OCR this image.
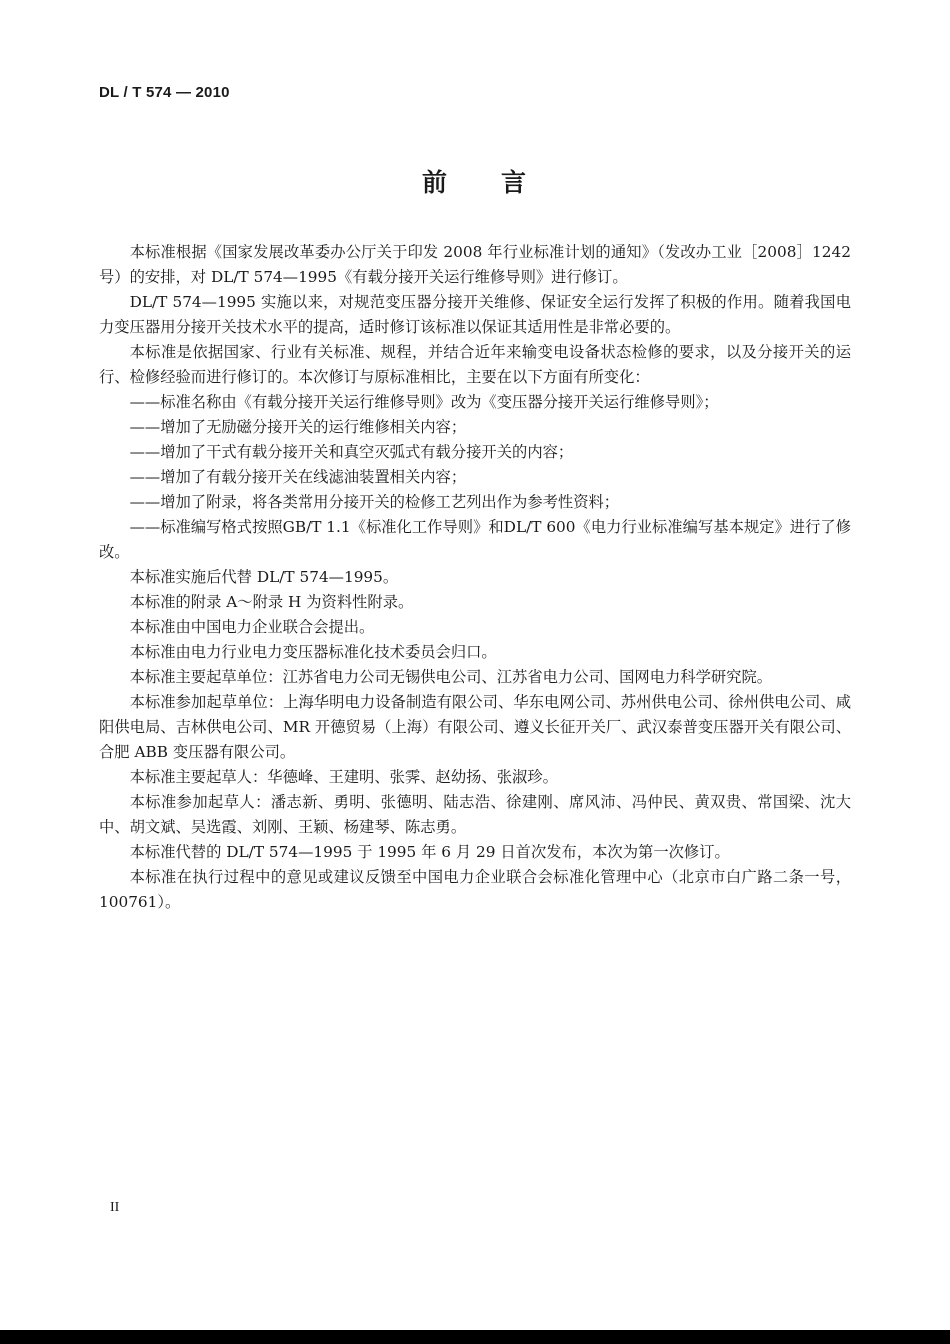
DL / T 574 — 2010
前 言

本标准根据《国家发展改革委办公厅关于印发 2008 年行业标准计划的通知》（发改办工业［2008］1242 号）的安排，对 DL/T 574—1995《有载分接开关运行维修导则》进行修订。

DL/T 574—1995 实施以来，对规范变压器分接开关维修、保证安全运行发挥了积极的作用。随着我国电力变压器用分接开关技术水平的提高，适时修订该标准以保证其适用性是非常必要的。

本标准是依据国家、行业有关标准、规程，并结合近年来输变电设备状态检修的要求，以及分接开关的运行、检修经验而进行修订的。本次修订与原标准相比，主要在以下方面有所变化：

——标准名称由《有载分接开关运行维修导则》改为《变压器分接开关运行维修导则》；

——增加了无励磁分接开关的运行维修相关内容；

——增加了干式有载分接开关和真空灭弧式有载分接开关的内容；

——增加了有载分接开关在线滤油装置相关内容；

——增加了附录，将各类常用分接开关的检修工艺列出作为参考性资料；

——标准编写格式按照GB/T 1.1《标准化工作导则》和DL/T 600《电力行业标准编写基本规定》进行了修改。

本标准实施后代替 DL/T 574—1995。

本标准的附录 A～附录 H 为资料性附录。

本标准由中国电力企业联合会提出。

本标准由电力行业电力变压器标准化技术委员会归口。

本标准主要起草单位：江苏省电力公司无锡供电公司、江苏省电力公司、国网电力科学研究院。

本标准参加起草单位：上海华明电力设备制造有限公司、华东电网公司、苏州供电公司、徐州供电公司、咸阳供电局、吉林供电公司、MR 开德贸易（上海）有限公司、遵义长征开关厂、武汉泰普变压器开关有限公司、合肥 ABB 变压器有限公司。

本标准主要起草人：华德峰、王建明、张霁、赵幼扬、张淑珍。

本标准参加起草人：潘志新、勇明、张德明、陆志浩、徐建刚、席风沛、冯仲民、黄双贵、常国梁、沈大中、胡文斌、吴选霞、刘刚、王颖、杨建琴、陈志勇。

本标准代替的 DL/T 574—1995 于 1995 年 6 月 29 日首次发布，本次为第一次修订。

本标准在执行过程中的意见或建议反馈至中国电力企业联合会标准化管理中心（北京市白广路二条一号，100761）。

II
